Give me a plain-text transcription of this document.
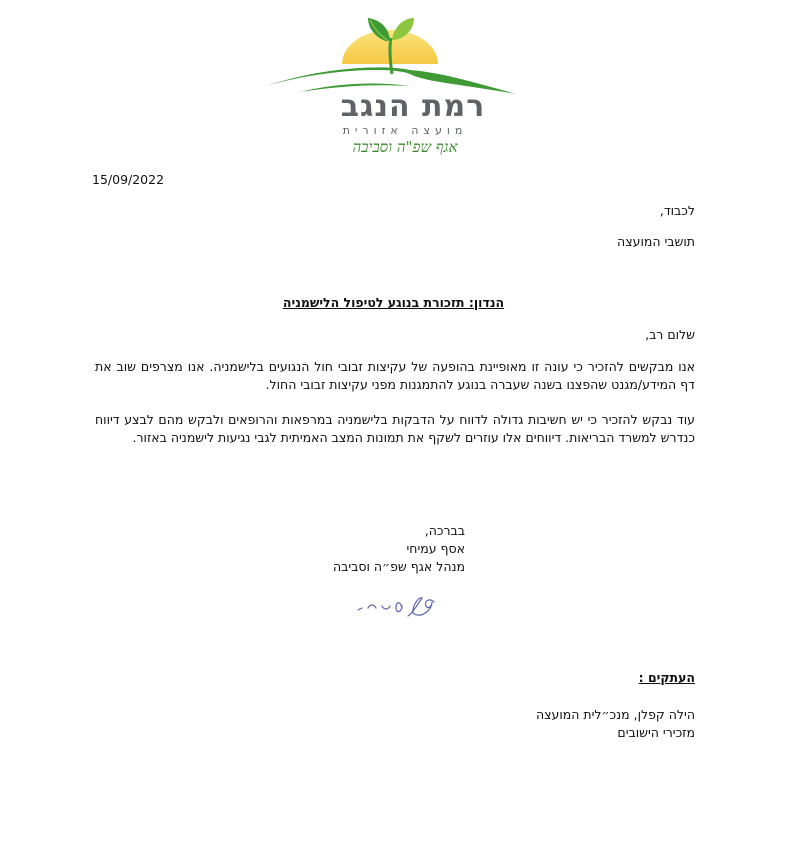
רמת הנגב
מועצה אזורית
אגף שפ"ה וסביבה
15/09/2022
לכבוד,
תושבי המועצה
הנדון: תזכורת בנוגע לטיפול הלישמניה
שלום רב,
אנו מבקשים להזכיר כי עונה זו מאופיינת בהופעה של עקיצות זבובי חול הנגועים בלישמניה. אנו מצרפים שוב את דף המידע/מגנט שהפצנו בשנה שעברה בנוגע להתמגנות מפני עקיצות זבובי החול.
עוד נבקש להזכיר כי יש חשיבות גדולה לדווח על הדבקות בלישמניה במרפאות והרופאים ולבקש מהם לבצע דיווח כנדרש למשרד הבריאות. דיווחים אלו עוזרים לשקף את תמונות המצב האמיתית לגבי נגיעות לישמניה באזור.
בברכה,
אסף עמיחי
מנהל אגף שפ״ה וסביבה
העתקים :
הילה קפלן, מנכ״לית המועצה
מזכירי הישובים
